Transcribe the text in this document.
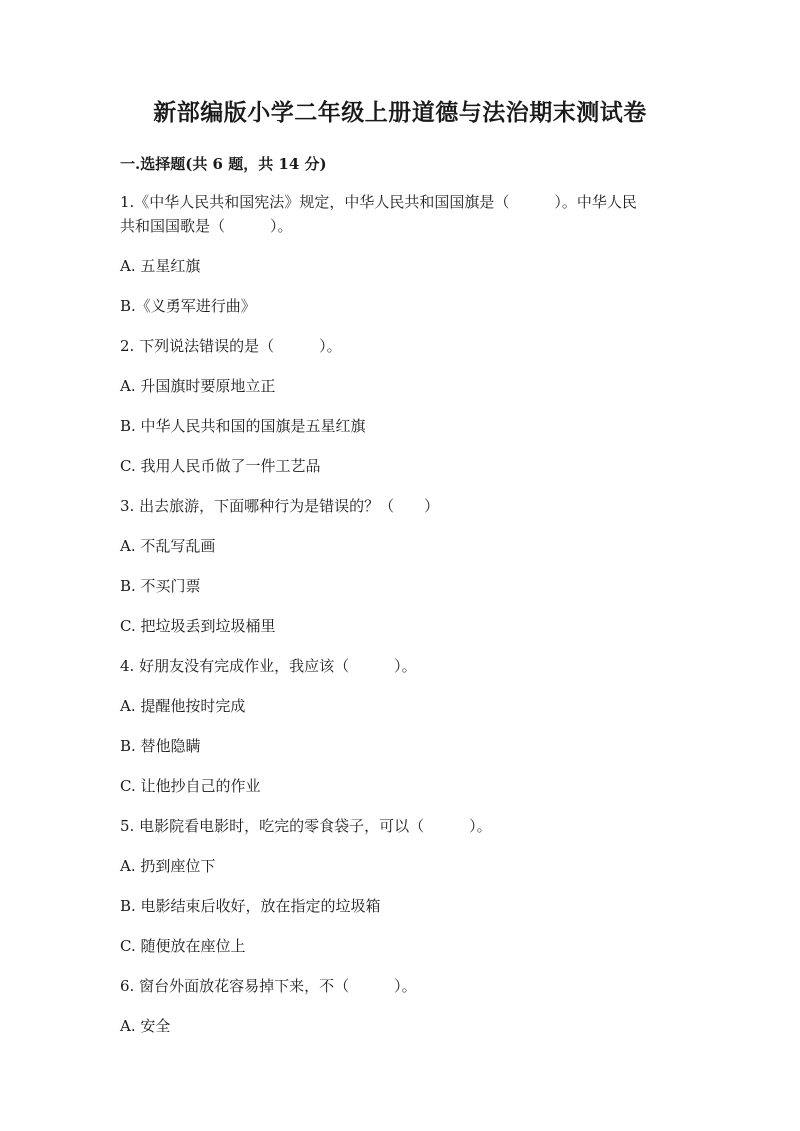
新部编版小学二年级上册道德与法治期末测试卷
一.选择题(共 6 题，共 14 分)
1.《中华人民共和国宪法》规定，中华人民共和国国旗是（　　　）。中华人民
共和国国歌是（　　　）。
A. 五星红旗
B.《义勇军进行曲》
2. 下列说法错误的是（　　　）。
A. 升国旗时要原地立正
B. 中华人民共和国的国旗是五星红旗
C. 我用人民币做了一件工艺品
3. 出去旅游，下面哪种行为是错误的？（　　）
A. 不乱写乱画
B. 不买门票
C. 把垃圾丢到垃圾桶里
4. 好朋友没有完成作业，我应该（　　　）。
A. 提醒他按时完成
B. 替他隐瞒
C. 让他抄自己的作业
5. 电影院看电影时，吃完的零食袋子，可以（　　　）。
A. 扔到座位下
B. 电影结束后收好，放在指定的垃圾箱
C. 随便放在座位上
6. 窗台外面放花容易掉下来，不（　　　）。
A. 安全
